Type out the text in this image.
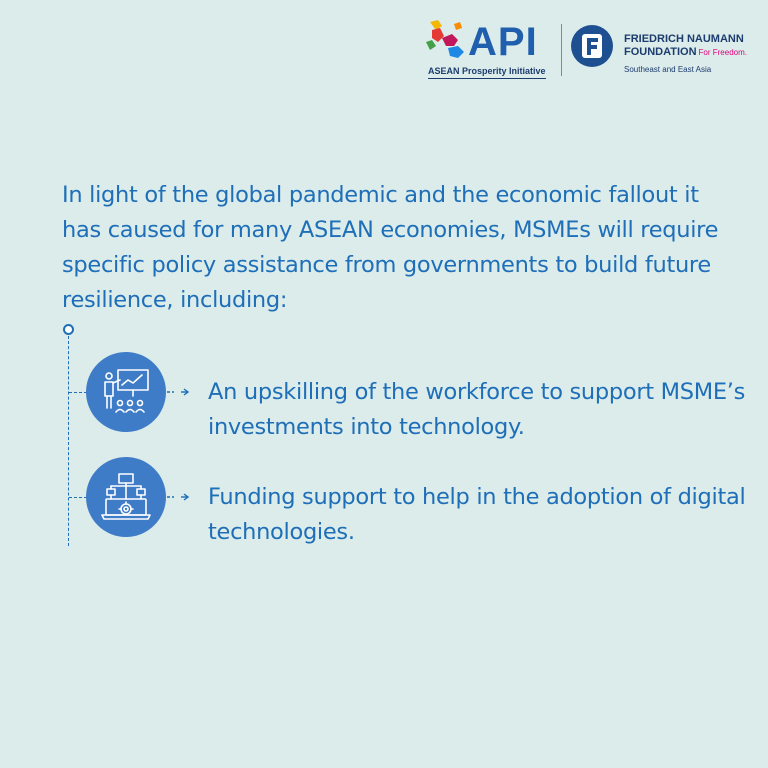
API
ASEAN Prosperity Initiative
FRIEDRICH NAUMANN
FOUNDATION For Freedom.
Southeast and East Asia

In light of the global pandemic and the economic fallout it has caused for many ASEAN economies, MSMEs will require specific policy assistance from governments to build future resilience, including:

An upskilling of the workforce to support MSME’s investments into technology.
Funding support to help in the adoption of digital technologies.
